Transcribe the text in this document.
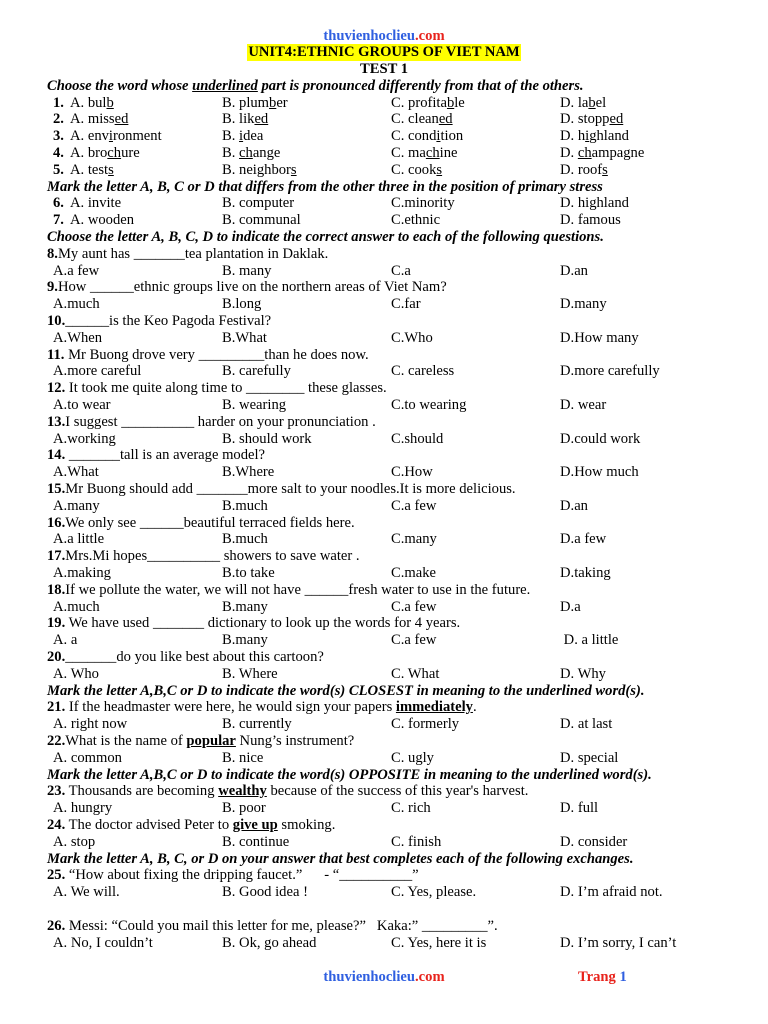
thuvienhoclieu .com
UNIT4:ETHNIC GROUPS OF VIET NAM
TEST 1
Choose the word whose underlined part is pronounced differently from that of the others.
1. A. bulb	B. plumber	C. profitable	D. label
2. A. missed	B. liked	C. cleaned	D. stopped
3. A. environment	B. idea	C. condition	D. highland
4. A. brochure	B. change	C. machine	D. champagne
5. A. tests	B. neighbors	C. cooks	D. roofs
Mark the letter A, B, C or D that differs from the other three in the position of primary stress
6. A. invite	B. computer	C.minority	D. highland
7. A. wooden	B. communal	C.ethnic	D. famous
Choose the letter A, B, C, D to indicate the correct answer to each of the following questions.
8. My aunt has _______tea plantation in Daklak.
A.a few	B. many	C.a	D.an
9. How ______ethnic groups live on the northern areas of Viet Nam?
A.much	B.long	C.far	D.many
10. ______is the Keo Pagoda Festival?
A.When	B.What	C.Who	D.How many
11. Mr Buong drove very _________than he does now.
A.more careful	B. carefully	C. careless	D.more carefully
12. It took me quite along time to ________ these glasses.
A.to wear	B. wearing	C.to wearing	D. wear
13. I suggest __________ harder on your pronunciation .
A.working	B. should work	C.should	D.could work
14. _______tall is an average model?
A.What	B.Where	C.How	D.How much
15. Mr Buong should add _______more salt to your noodles.It is more delicious.
A.many	B.much	C.a few	D.an
16. We only see ______beautiful terraced fields here.
A.a little	B.much	C.many	D.a few
17. Mrs.Mi hopes__________ showers to save water .
A.making	B.to take	C.make	D.taking
18. If we pollute the water, we will not have ______fresh water to use in the future.
A.much	B.many	C.a few	D.a
19. We have used _______ dictionary to look up the words for 4 years.
A. a	B.many	C.a few	D. a little
20. _______do you like best about this cartoon?
A. Who	B. Where	C. What	D. Why
Mark the letter A,B,C or D to indicate the word(s) CLOSEST in meaning to the underlined word(s).
21. If the headmaster were here, he would sign your papers immediately .
A. right now	B. currently	C. formerly	D. at last
22. What is the name of popular Nung’s instrument?
A. common	B. nice	C. ugly	D. special
Mark the letter A,B,C or D to indicate the word(s) OPPOSITE in meaning to the underlined word(s).
23. Thousands are becoming wealthy because of the success of this year's harvest.
A. hungry	B. poor	C. rich	D. full
24. The doctor advised Peter to give up smoking.
A. stop	B. continue	C. finish	D. consider
Mark the letter A, B, C, or D on your answer that best completes each of the following exchanges.
25. “How about fixing the dripping faucet.”      - “__________”
A. We will.	B. Good idea !	C. Yes, please.	D. I’m afraid not.
26. Messi: “Could you mail this letter for me, please?”   Kaka:” _________”.
A. No, I couldn’t	B. Ok, go ahead	C. Yes, here it is	D. I’m sorry, I can’t
thuvienhoclieu .com	Trang 1
